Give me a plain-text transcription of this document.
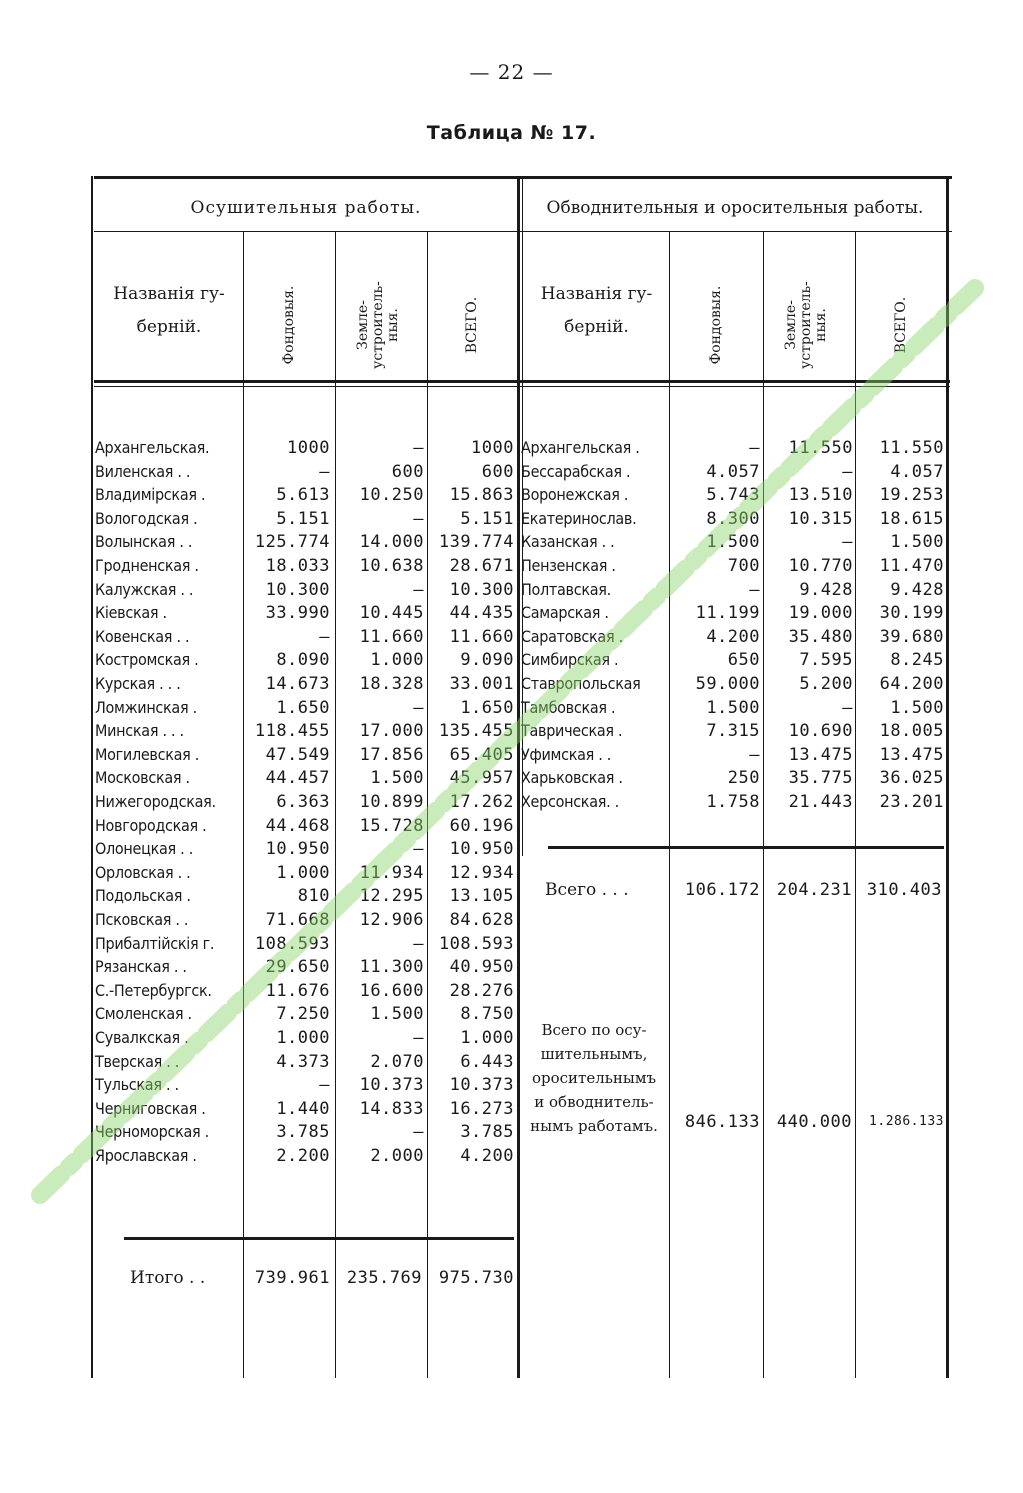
— 22 —
Таблица № 17.
Осушительныя работы.	Обводнительныя и оросительныя работы.
Названія гу-
берній.	Фондовыя.	Земле- устроитель- ныя.	ВСЕГО.
Названія гу-
берній.	Фондовыя.	Земле- устроитель- ныя.	ВСЕГО.
Архангельская.	1000	—	1000
Виленская . .	—	600	600
Владимірская .	5.613	10.250	15.863
Вологодская .	5.151	—	5.151
Волынская . .	125.774	14.000 139.774
Гродненская .	18.033	10.638	28.671
Калужская . .	10.300	—	10.300
Кіевская .	33.990	10.445	44.435
Ковенская . .	—	11.660	11.660
Костромская .	8.090	1.000	9.090
Курская . . .	14.673	18.328	33.001
Ломжинская .	1.650	—	1.650
Минская . . .	118.455	17.000 135.455
Могилевская .	47.549	17.856	65.405
Московская .	44.457	1.500	45.957
Нижегородская.	6.363	10.899	17.262
Новгородская .	44.468	15.728	60.196
Олонецкая . .	10.950	—	10.950
Орловская . .	1.000	11.934	12.934
Подольская .	810	12.295	13.105
Псковская . .	71.668	12.906	84.628
Прибалтійскія г.	108.593	— 108.593
Рязанская . .	29.650	11.300	40.950
С.-Петербургск.	11.676	16.600	28.276
Смоленская .	7.250	1.500	8.750
Сувалкская .	1.000	—	1.000
Тверская . .	4.373	2.070	6.443
Тульская . .	—	10.373	10.373
Черниговская .	1.440	14.833	16.273
Черноморская .	3.785	—	3.785
Ярославская .	2.200	2.000	4.200
Архангельская .	—	11.550	11.550
Бессарабская .	4.057	—	4.057
Воронежская .	5.743	13.510	19.253
Екатеринослав.	8.300	10.315	18.615
Казанская . .	1.500	—	1.500
Пензенская .	700	10.770	11.470
Полтавская.	—	9.428	9.428
Самарская .	11.199	19.000	30.199
Саратовская .	4.200	35.480	39.680
Симбирская .	650	7.595	8.245
Ставропольская	59.000	5.200	64.200
Тамбовская .	1.500	—	1.500
Таврическая .	7.315	10.690	18.005
Уфимская . .	—	13.475	13.475
Харьковская .	250	35.775	36.025
Херсонская. .	1.758	21.443	23.201
Итого . .	739.961 235.769 975.730
Всего . . .	106.172 204.231 310.403
Всего по осу-
шительнымъ,
оросительнымъ
и обводнитель-
нымъ работамъ.	846.133 440.000	1.286.133
